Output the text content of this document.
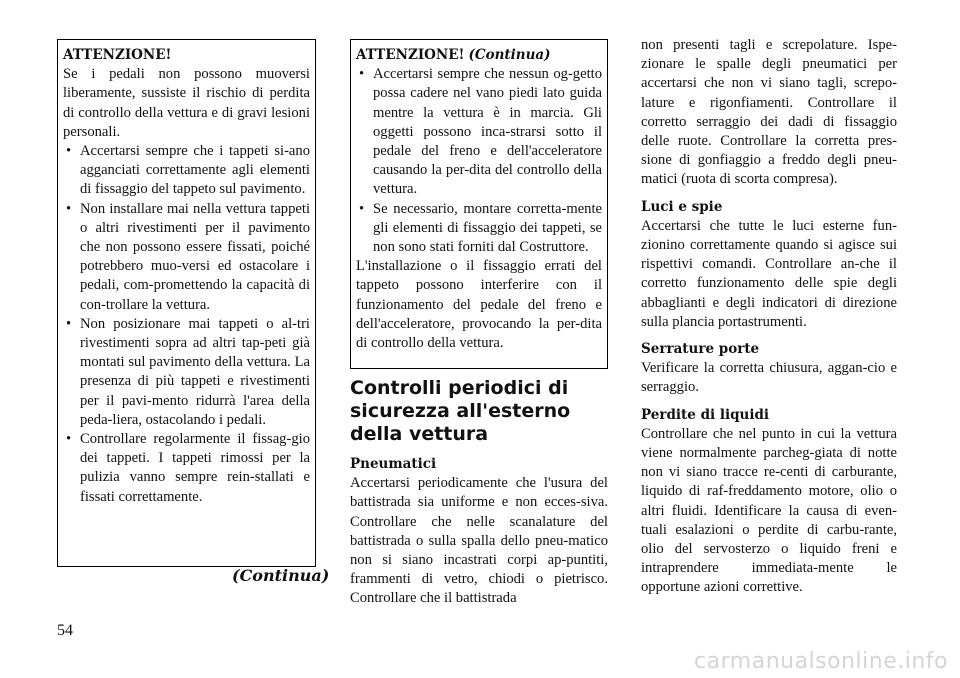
ATTENZIONE!
Se i pedali non possono muoversi liberamente, sussiste il rischio di perdita di controllo della vettura e di gravi lesioni personali.
• Accertarsi sempre che i tappeti si-ano agganciati correttamente agli elementi di fissaggio del tappeto sul pavimento.
• Non installare mai nella vettura tappeti o altri rivestimenti per il pavimento che non possono essere fissati, poiché potrebbero muo-versi ed ostacolare i pedali, com-promettendo la capacità di con-trollare la vettura.
• Non posizionare mai tappeti o al-tri rivestimenti sopra ad altri tap-peti già montati sul pavimento della vettura. La presenza di più tappeti e rivestimenti per il pavi-mento ridurrà l'area della peda-liera, ostacolando i pedali.
• Controllare regolarmente il fissag-gio dei tappeti. I tappeti rimossi per la pulizia vanno sempre rein-stallati e fissati correttamente.
(Continua)
ATTENZIONE! (Continua)
• Accertarsi sempre che nessun og-getto possa cadere nel vano piedi lato guida mentre la vettura è in marcia. Gli oggetti possono inca-strarsi sotto il pedale del freno e dell'acceleratore causando la per-dita del controllo della vettura.
• Se necessario, montare corretta-mente gli elementi di fissaggio dei tappeti, se non sono stati forniti dal Costruttore.
L'installazione o il fissaggio errati del tappeto possono interferire con il funzionamento del pedale del freno e dell'acceleratore, provocando la per-dita di controllo della vettura.
Controlli periodici di sicurezza all'esterno della vettura
Pneumatici
Accertarsi periodicamente che l'usura del battistrada sia uniforme e non ecces-siva. Controllare che nelle scanalature del battistrada o sulla spalla dello pneu-matico non si siano incastrati corpi ap-puntiti, frammenti di vetro, chiodi o pietrisco. Controllare che il battistrada
non presenti tagli e screpolature. Ispe-zionare le spalle degli pneumatici per accertarsi che non vi siano tagli, screpo-lature e rigonfiamenti. Controllare il corretto serraggio dei dadi di fissaggio delle ruote. Controllare la corretta pres-sione di gonfiaggio a freddo degli pneu-matici (ruota di scorta compresa).
Luci e spie
Accertarsi che tutte le luci esterne fun-zionino correttamente quando si agisce sui rispettivi comandi. Controllare an-che il corretto funzionamento delle spie degli abbaglianti e degli indicatori di direzione sulla plancia portastrumenti.
Serrature porte
Verificare la corretta chiusura, aggan-cio e serraggio.
Perdite di liquidi
Controllare che nel punto in cui la vettura viene normalmente parcheg-giata di notte non vi siano tracce re-centi di carburante, liquido di raf-freddamento motore, olio o altri fluidi. Identificare la causa di even-tuali esalazioni o perdite di carbu-rante, olio del servosterzo o liquido freni e intraprendere immediata-mente le opportune azioni correttive.
54
carmanualsonline.info
